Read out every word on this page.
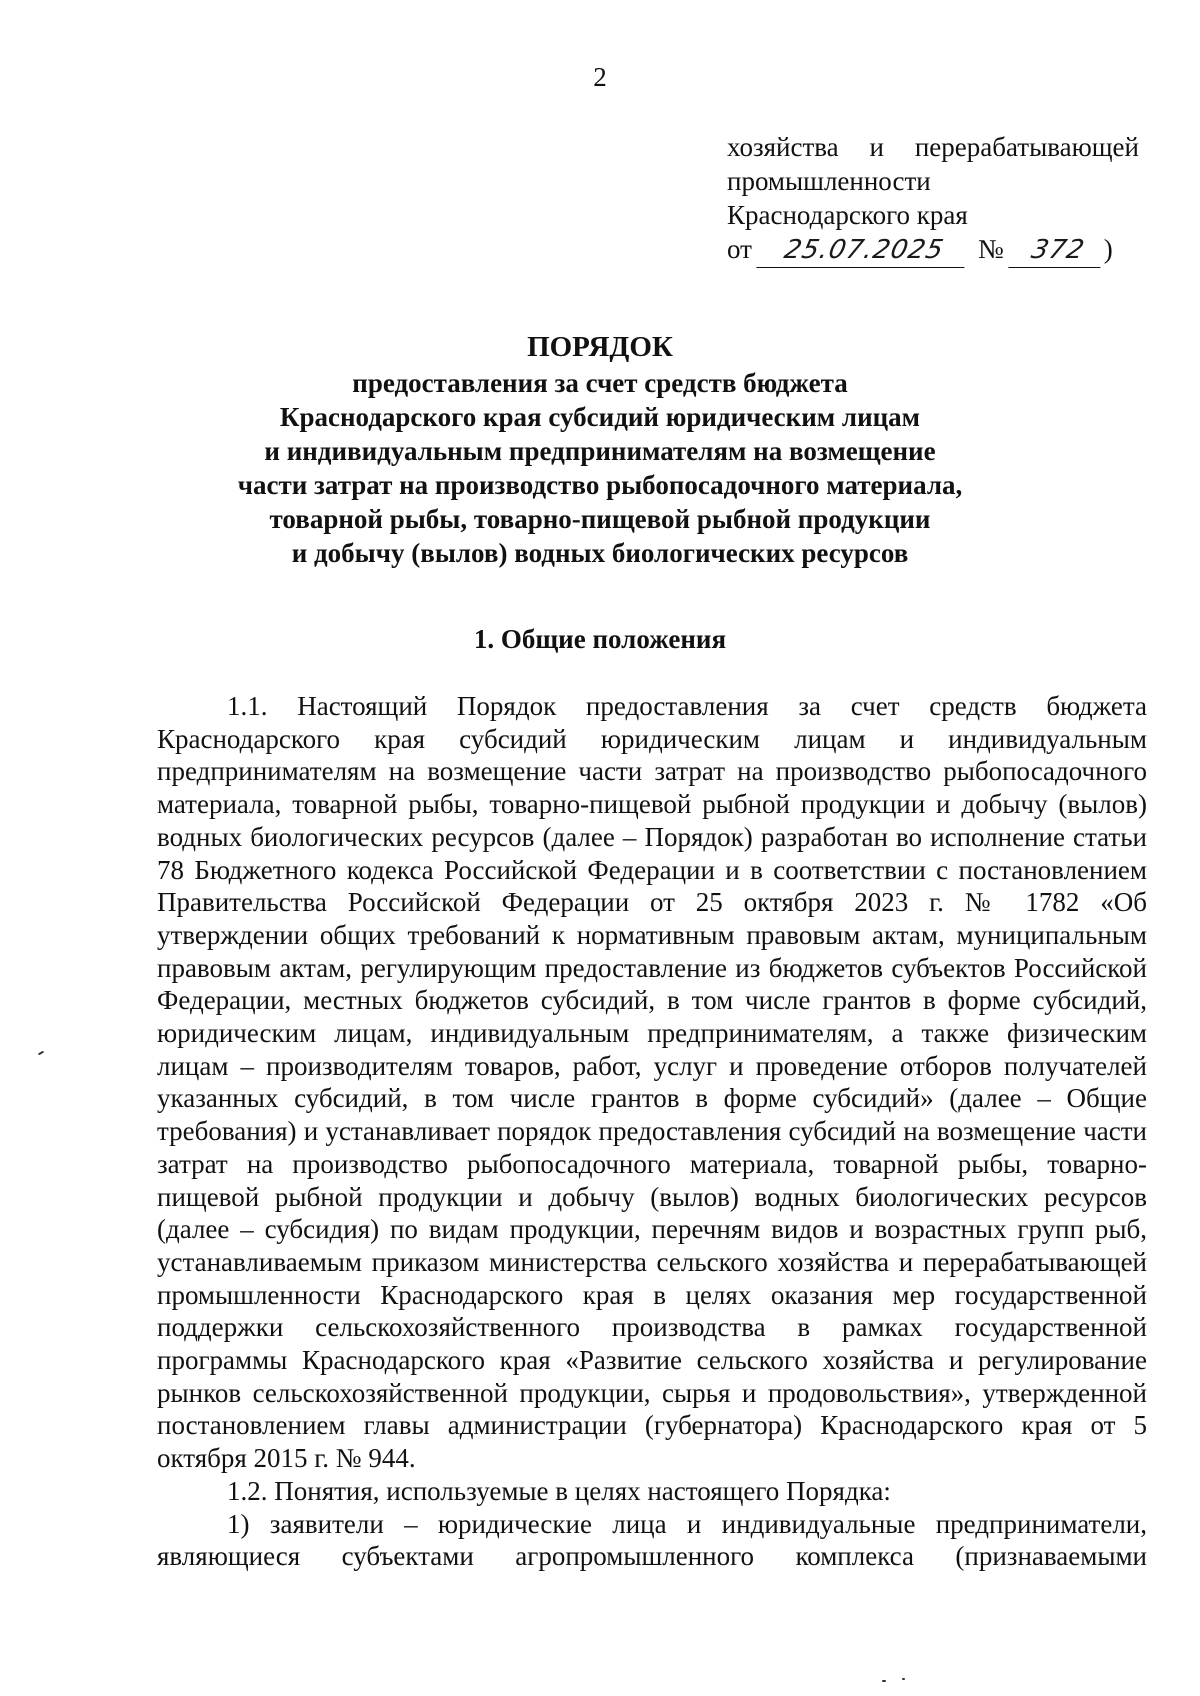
2
хозяйства и перерабатывающей
промышленности
Краснодарского края
от	25.07.2025	№ 372 )
ПОРЯДОК
предоставления за счет средств бюджета
Краснодарского края субсидий юридическим лицам
и индивидуальным предпринимателям на возмещение
части затрат на производство рыбопосадочного материала,
товарной рыбы, товарно-пищевой рыбной продукции
и добычу (вылов) водных биологических ресурсов
1. Общие положения

1.1. Настоящий Порядок предоставления за счет средств бюджета Краснодарского края субсидий юридическим лицам и индивидуальным предпринимателям на возмещение части затрат на производство рыбопосадочного материала, товарной рыбы, товарно-пищевой рыбной продукции и добычу (вылов) водных биологических ресурсов (далее – Порядок) разработан во исполнение статьи 78 Бюджетного кодекса Российской Федерации и в соответствии с постановлением Правительства Российской Федерации от 25 октября 2023 г. № 1782 «Об утверждении общих требований к нормативным правовым актам, муниципальным правовым актам, регулирующим предоставление из бюджетов субъектов Российской Федерации, местных бюджетов субсидий, в том числе грантов в форме субсидий, юридическим лицам, индивидуальным предпринимателям, а также физическим лицам – производителям товаров, работ, услуг и проведение отборов получателей указанных субсидий, в том числе грантов в форме субсидий» (далее – Общие требования) и устанавливает порядок предоставления субсидий на возмещение части затрат на производство рыбопосадочного материала, товарной рыбы, товарно-пищевой рыбной продукции и добычу (вылов) водных биологических ресурсов (далее – субсидия) по видам продукции, перечням видов и возрастных групп рыб, устанавливаемым приказом министерства сельского хозяйства и перерабатывающей промышленности Краснодарского края в целях оказания мер государственной поддержки сельскохозяйственного производства в рамках государственной программы Краснодарского края «Развитие сельского хозяйства и регулирование рынков сельскохозяйственной продукции, сырья и продовольствия», утвержденной постановлением главы администрации (губернатора) Краснодарского края от 5 октября 2015 г. № 944.

1.2. Понятия, используемые в целях настоящего Порядка:

1) заявители – юридические лица и индивидуальные предприниматели, являющиеся субъектами агропромышленного комплекса (признаваемыми
